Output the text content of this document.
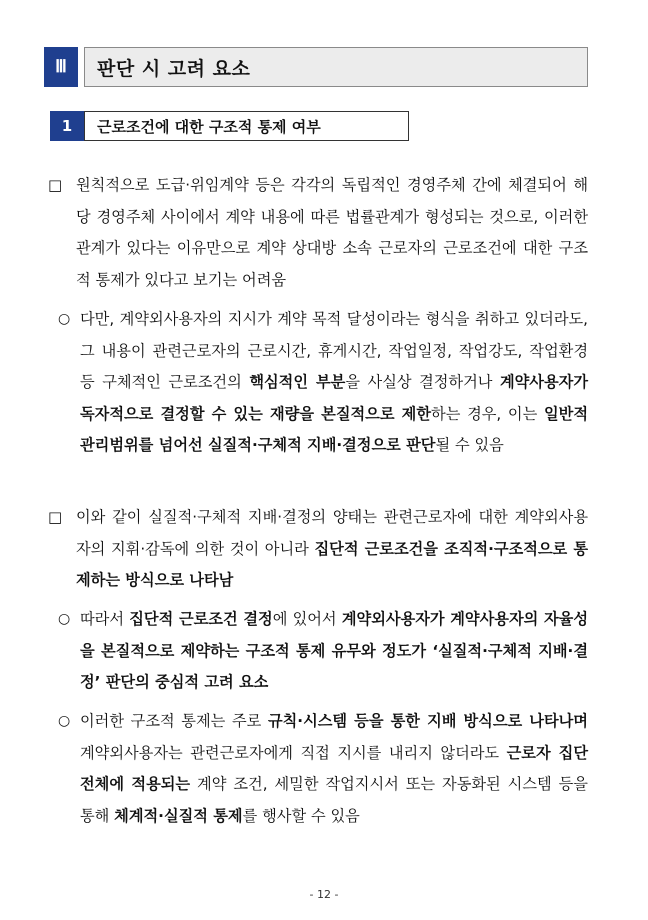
Ⅲ	판단 시 고려 요소
1	근로조건에 대한 구조적 통제 여부
□ 원칙적으로 도급·위임계약 등은 각각의 독립적인 경영주체 간에 체결되어 해당 경영주체 사이에서 계약 내용에 따른 법률관계가 형성되는 것으로, 이러한 관계가 있다는 이유만으로 계약 상대방 소속 근로자의 근로조건에 대한 구조적 통제가 있다고 보기는 어려움
○ 다만, 계약외사용자의 지시가 계약 목적 달성이라는 형식을 취하고 있더라도, 그 내용이 관련근로자의 근로시간, 휴게시간, 작업일정, 작업강도, 작업환경 등 구체적인 근로조건의 핵심적인 부분을 사실상 결정하거나 계약사용자가 독자적으로 결정할 수 있는 재량을 본질적으로 제한하는 경우, 이는 일반적 관리범위를 넘어선 실질적·구체적 지배·결정으로 판단될 수 있음
□ 이와 같이 실질적·구체적 지배·결정의 양태는 관련근로자에 대한 계약외사용자의 지휘·감독에 의한 것이 아니라 집단적 근로조건을 조직적·구조적으로 통제하는 방식으로 나타남
○ 따라서 집단적 근로조건 결정에 있어서 계약외사용자가 계약사용자의 자율성을 본질적으로 제약하는 구조적 통제 유무와 정도가 ‘실질적·구체적 지배·결정’ 판단의 중심적 고려 요소
○ 이러한 구조적 통제는 주로 규칙·시스템 등을 통한 지배 방식으로 나타나며 계약외사용자는 관련근로자에게 직접 지시를 내리지 않더라도 근로자 집단 전체에 적용되는 계약 조건, 세밀한 작업지시서 또는 자동화된 시스템 등을 통해 체계적·실질적 통제를 행사할 수 있음
- 12 -
